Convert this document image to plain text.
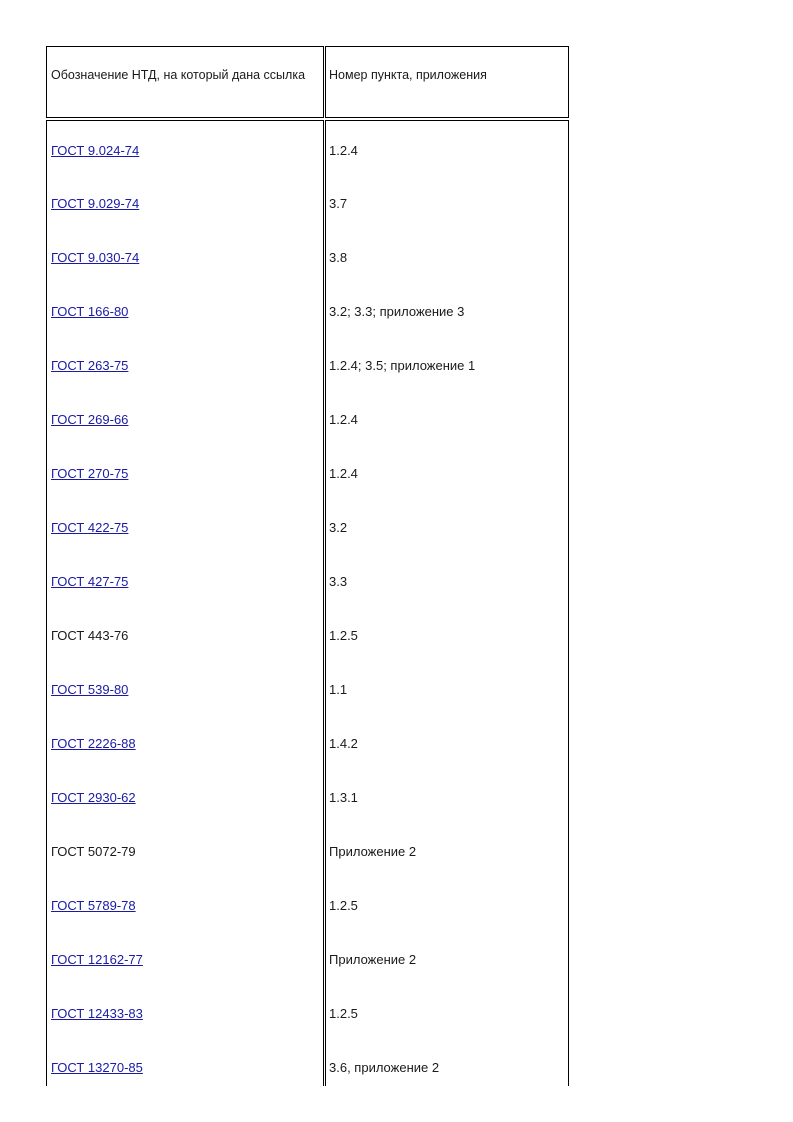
Обозначение НТД, на который дана ссылка	Номер пункта, приложения
ГОСТ 9.024-74	1.2.4
ГОСТ 9.029-74	3.7
ГОСТ 9.030-74	3.8
ГОСТ 166-80	3.2; 3.3; приложение 3
ГОСТ 263-75	1.2.4; 3.5; приложение 1
ГОСТ 269-66	1.2.4
ГОСТ 270-75	1.2.4
ГОСТ 422-75	3.2
ГОСТ 427-75	3.3
ГОСТ 443-76	1.2.5
ГОСТ 539-80	1.1
ГОСТ 2226-88	1.4.2
ГОСТ 2930-62	1.3.1
ГОСТ 5072-79	Приложение 2
ГОСТ 5789-78	1.2.5
ГОСТ 12162-77	Приложение 2
ГОСТ 12433-83	1.2.5
ГОСТ 13270-85	3.6, приложение 2
